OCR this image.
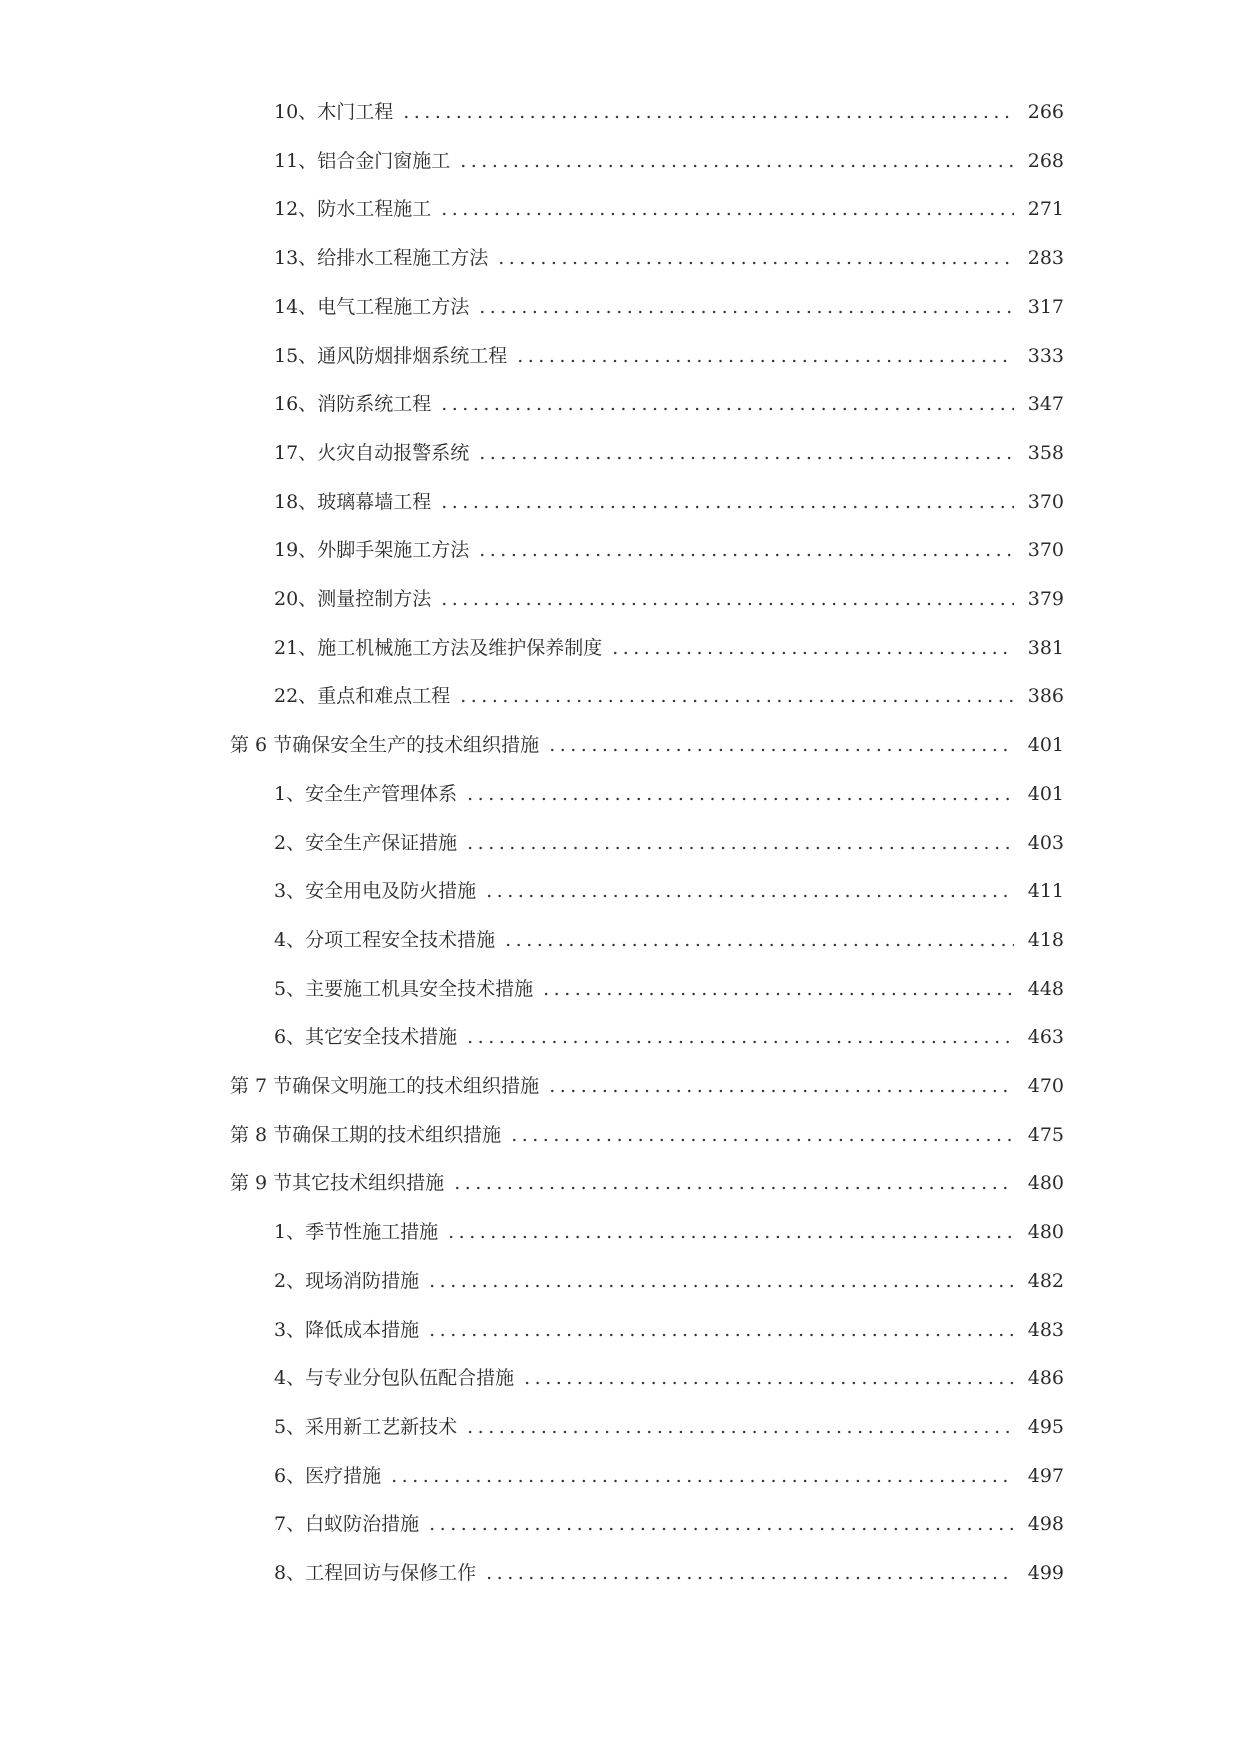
10、 木门工程 .....	266
11、 铝合金门窗施工 .....	268
12、 防水工程施工 .....	271
13、 给排水工程施工方法 .....	283
14、 电气工程施工方法 .....	317
15、 通风防烟排烟系统工程 .....	333
16、 消防系统工程 .....	347
17、 火灾自动报警系统 .....	358
18、 玻璃幕墙工程 .....	370
19、 外脚手架施工方法 .....	370
20、 测量控制方法 .....	379
21、 施工机械施工方法及维护保养制度 .....	381
22、 重点和难点工程 .....	386
第 6 节 确保安全生产的技术组织措施 .....	401
1、 安全生产管理体系 .....	401
2、 安全生产保证措施 .....	403
3、 安全用电及防火措施 .....	411
4、 分项工程安全技术措施 .....	418
5、 主要施工机具安全技术措施 .....	448
6、 其它安全技术措施 .....	463
第 7 节 确保文明施工的技术组织措施 .....	470
第 8 节 确保工期的技术组织措施 .....	475
第 9 节 其它技术组织措施 .....	480
1、 季节性施工措施 .....	480
2、 现场消防措施 .....	482
3、 降低成本措施 .....	483
4、 与专业分包队伍配合措施 .....	486
5、 采用新工艺新技术 .....	495
6、 医疗措施 .....	497
7、 白蚁防治措施 .....	498
8、 工程回访与保修工作 .....	499
